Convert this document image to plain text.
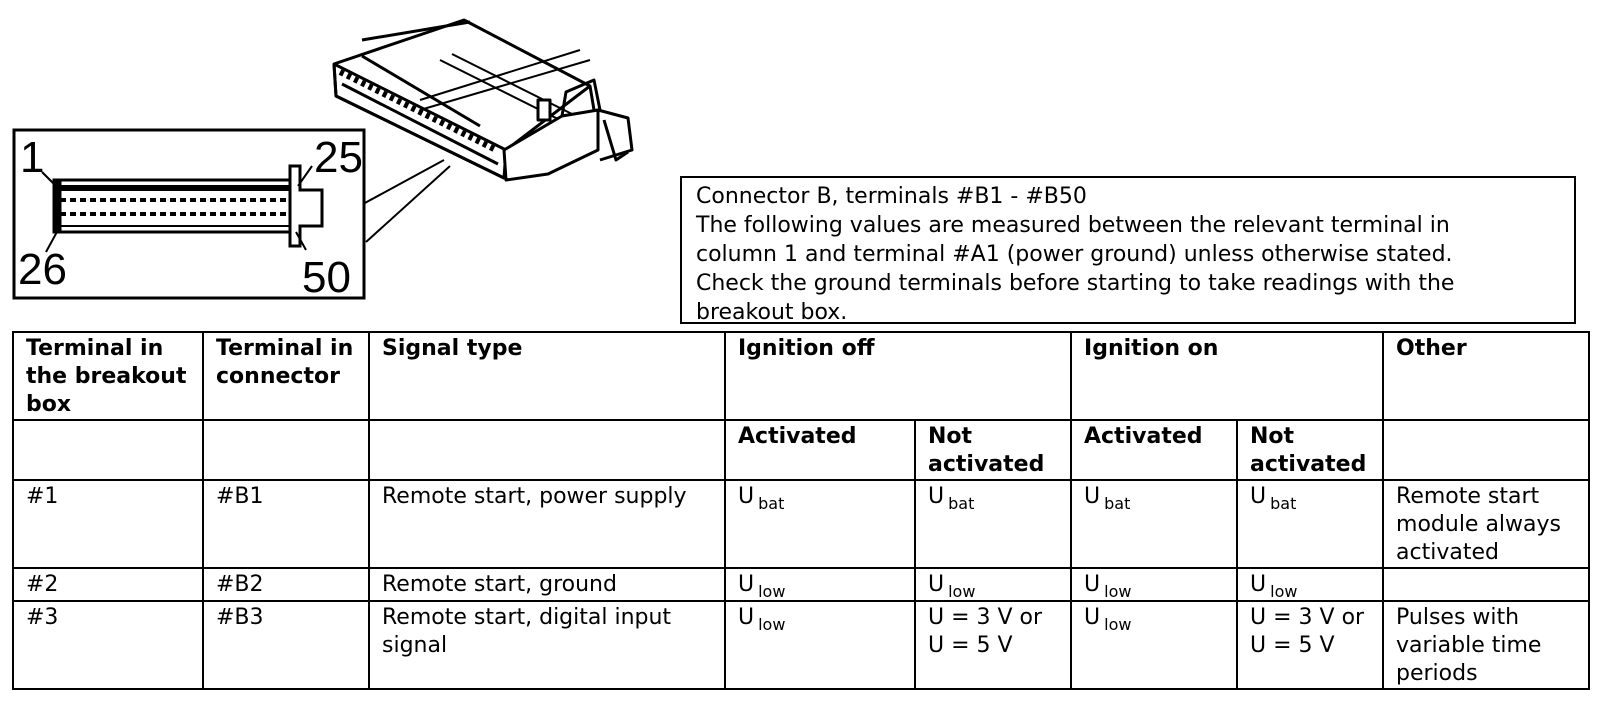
1	25
26	50
Connector B, terminals #B1 - #B50
The following values are measured between the relevant terminal in
column 1 and terminal #A1 (power ground) unless otherwise stated.
Check the ground terminals before starting to take readings with the
breakout box.
Terminal in the breakout box	Terminal in connector	Signal type	Ignition off		Ignition on		Other
			Activated	Not activated	Activated	Not activated	
#1	#B1	Remote start, power supply	U $_{bat}$	U $_{bat}$	U $_{bat}$	U $_{bat}$	Remote start module always activated
#2	#B2	Remote start, ground	U $_{low}$	U $_{low}$	U $_{low}$	U $_{low}$	
#3	#B3	Remote start, digital input signal	U $_{low}$	U = 3 V or U = 5 V	U $_{low}$	U = 3 V or U = 5 V	Pulses with variable time periods
